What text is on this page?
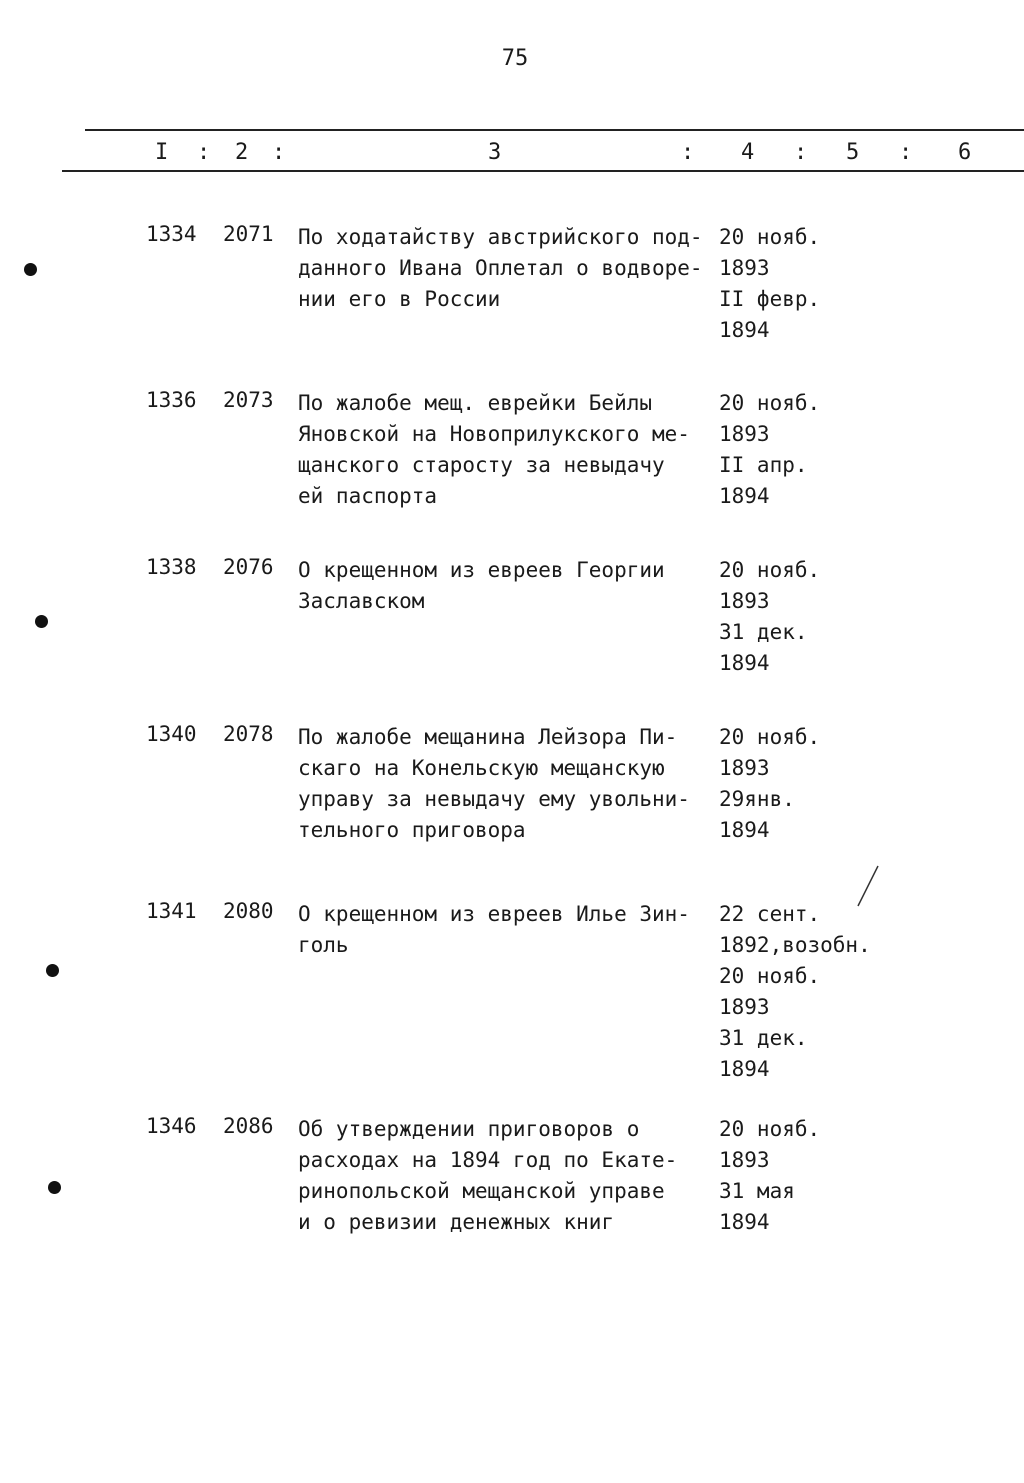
75
I : 2 :	3	: 4 : 5 : 6
1334 2071 По ходатайству австрийского под-
данного Ивана Оплетал о водворе-
нии его в России
20 нояб.
1893
II февр.
1894
1336 2073 По жалобе мещ. еврейки Бейлы
Яновской на Новоприлукского ме-
щанского старосту за невыдачу
ей паспорта
20 нояб.
1893
II апр.
1894
1338 2076 О крещенном из евреев Георгии
Заславском
20 нояб.
1893
31 дек.
1894
1340 2078 По жалобе мещанина Лейзора Пи-
скаго на Конельскую мещанскую
управу за невыдачу ему увольни-
тельного приговора
20 нояб.
1893
29янв.
1894
1341 2080 О крещенном из евреев Илье Зин-
голь
22 сент.
1892,возобн.
20 нояб.
1893
31 дек.
1894
1346 2086 Об утверждении приговоров о
расходах на 1894 год по Екате-
ринопольской мещанской управе
и о ревизии денежных книг
20 нояб.
1893
31 мая
1894
